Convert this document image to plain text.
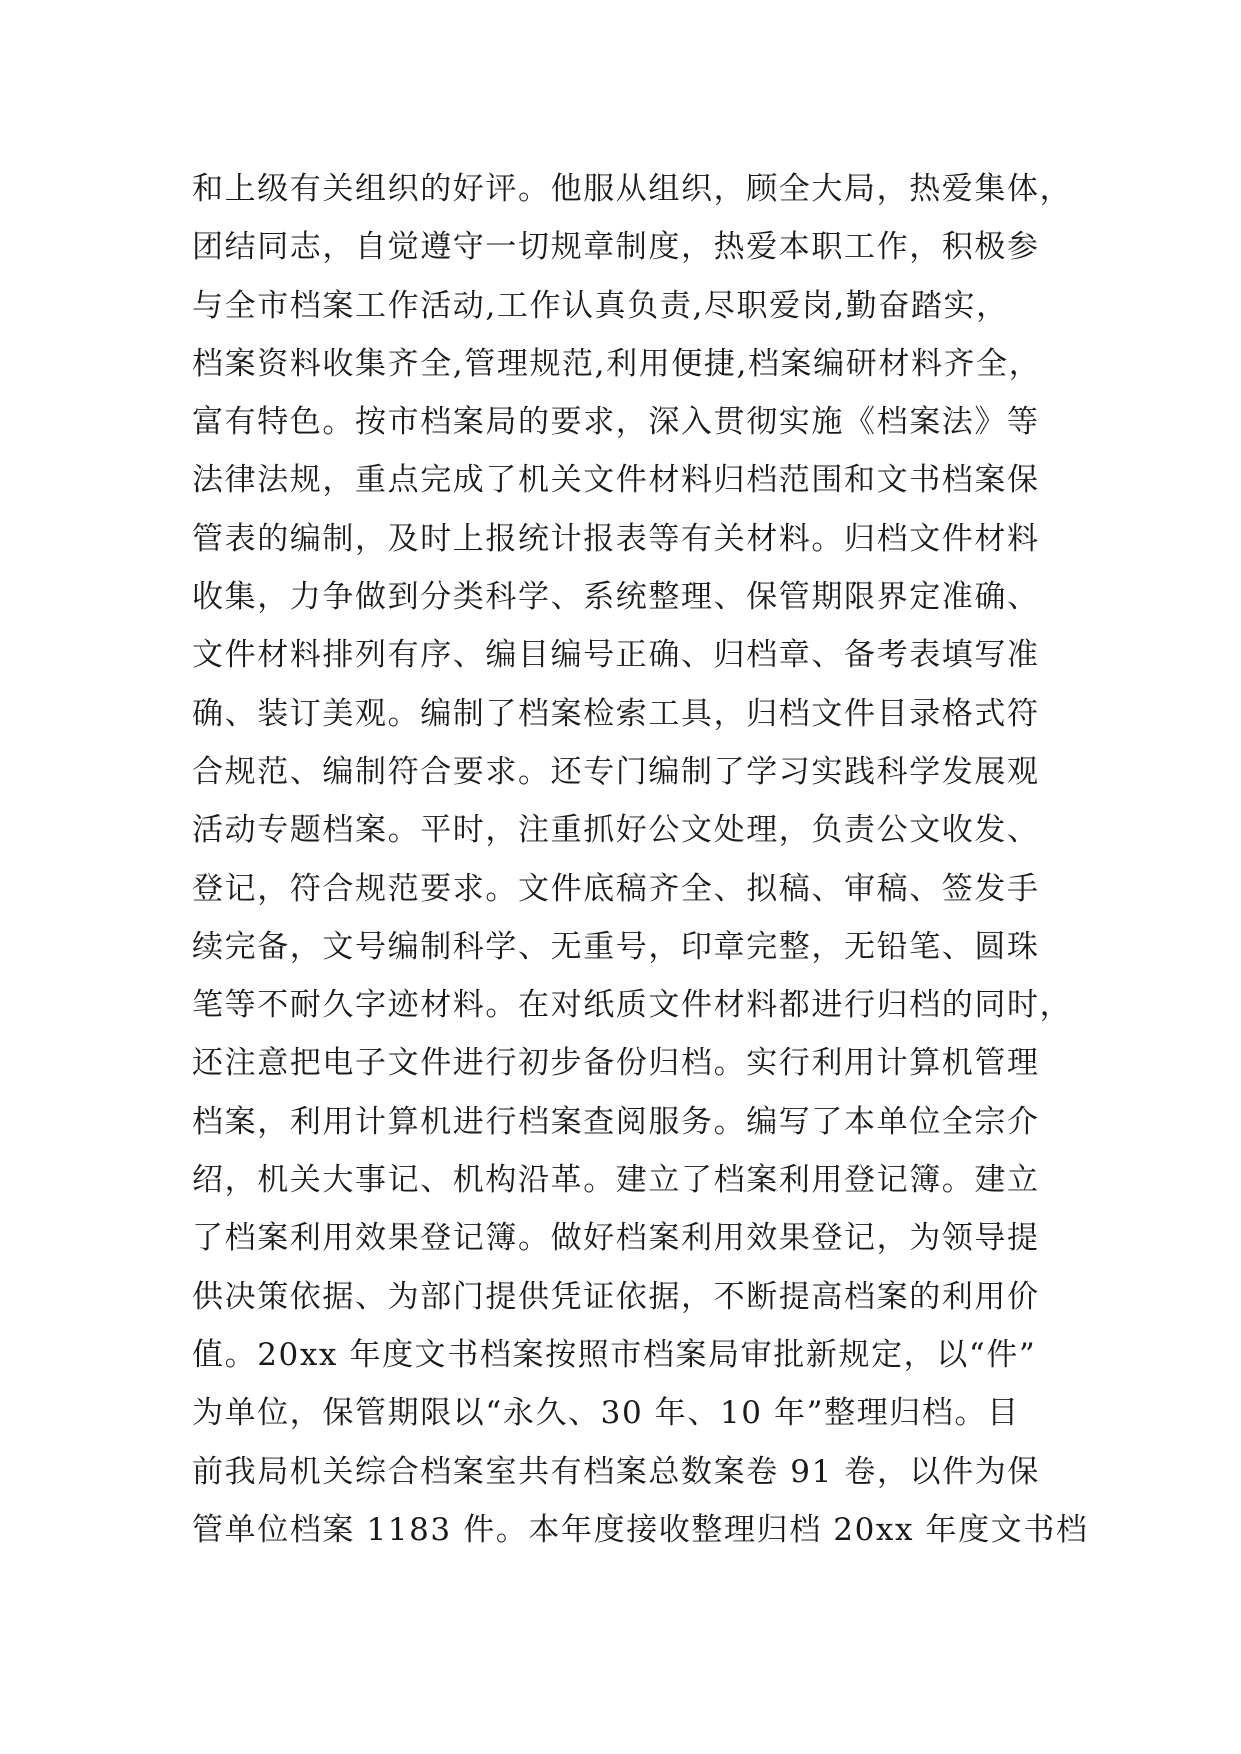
和上级有关组织的好评。他服从组织，顾全大局，热爱集体，
团结同志，自觉遵守一切规章制度，热爱本职工作，积极参
与全市档案工作活动,工作认真负责,尽职爱岗,勤奋踏实，
档案资料收集齐全,管理规范,利用便捷,档案编研材料齐全，
富有特色。按市档案局的要求，深入贯彻实施《档案法》等
法律法规，重点完成了机关文件材料归档范围和文书档案保
管表的编制，及时上报统计报表等有关材料。归档文件材料
收集，力争做到分类科学、系统整理、保管期限界定准确、
文件材料排列有序、编目编号正确、归档章、备考表填写准
确、装订美观。编制了档案检索工具，归档文件目录格式符
合规范、编制符合要求。还专门编制了学习实践科学发展观
活动专题档案。平时，注重抓好公文处理，负责公文收发、
登记，符合规范要求。文件底稿齐全、拟稿、审稿、签发手
续完备，文号编制科学、无重号，印章完整，无铅笔、圆珠
笔等不耐久字迹材料。在对纸质文件材料都进行归档的同时，
还注意把电子文件进行初步备份归档。实行利用计算机管理
档案，利用计算机进行档案查阅服务。编写了本单位全宗介
绍，机关大事记、机构沿革。建立了档案利用登记簿。建立
了档案利用效果登记簿。做好档案利用效果登记，为领导提
供决策依据、为部门提供凭证依据，不断提高档案的利用价
值。20xx 年度文书档案按照市档案局审批新规定，以“件”
为单位，保管期限以“永久、30 年、10 年”整理归档。目
前我局机关综合档案室共有档案总数案卷 91 卷，以件为保
管单位档案 1183 件。本年度接收整理归档 20xx 年度文书档
